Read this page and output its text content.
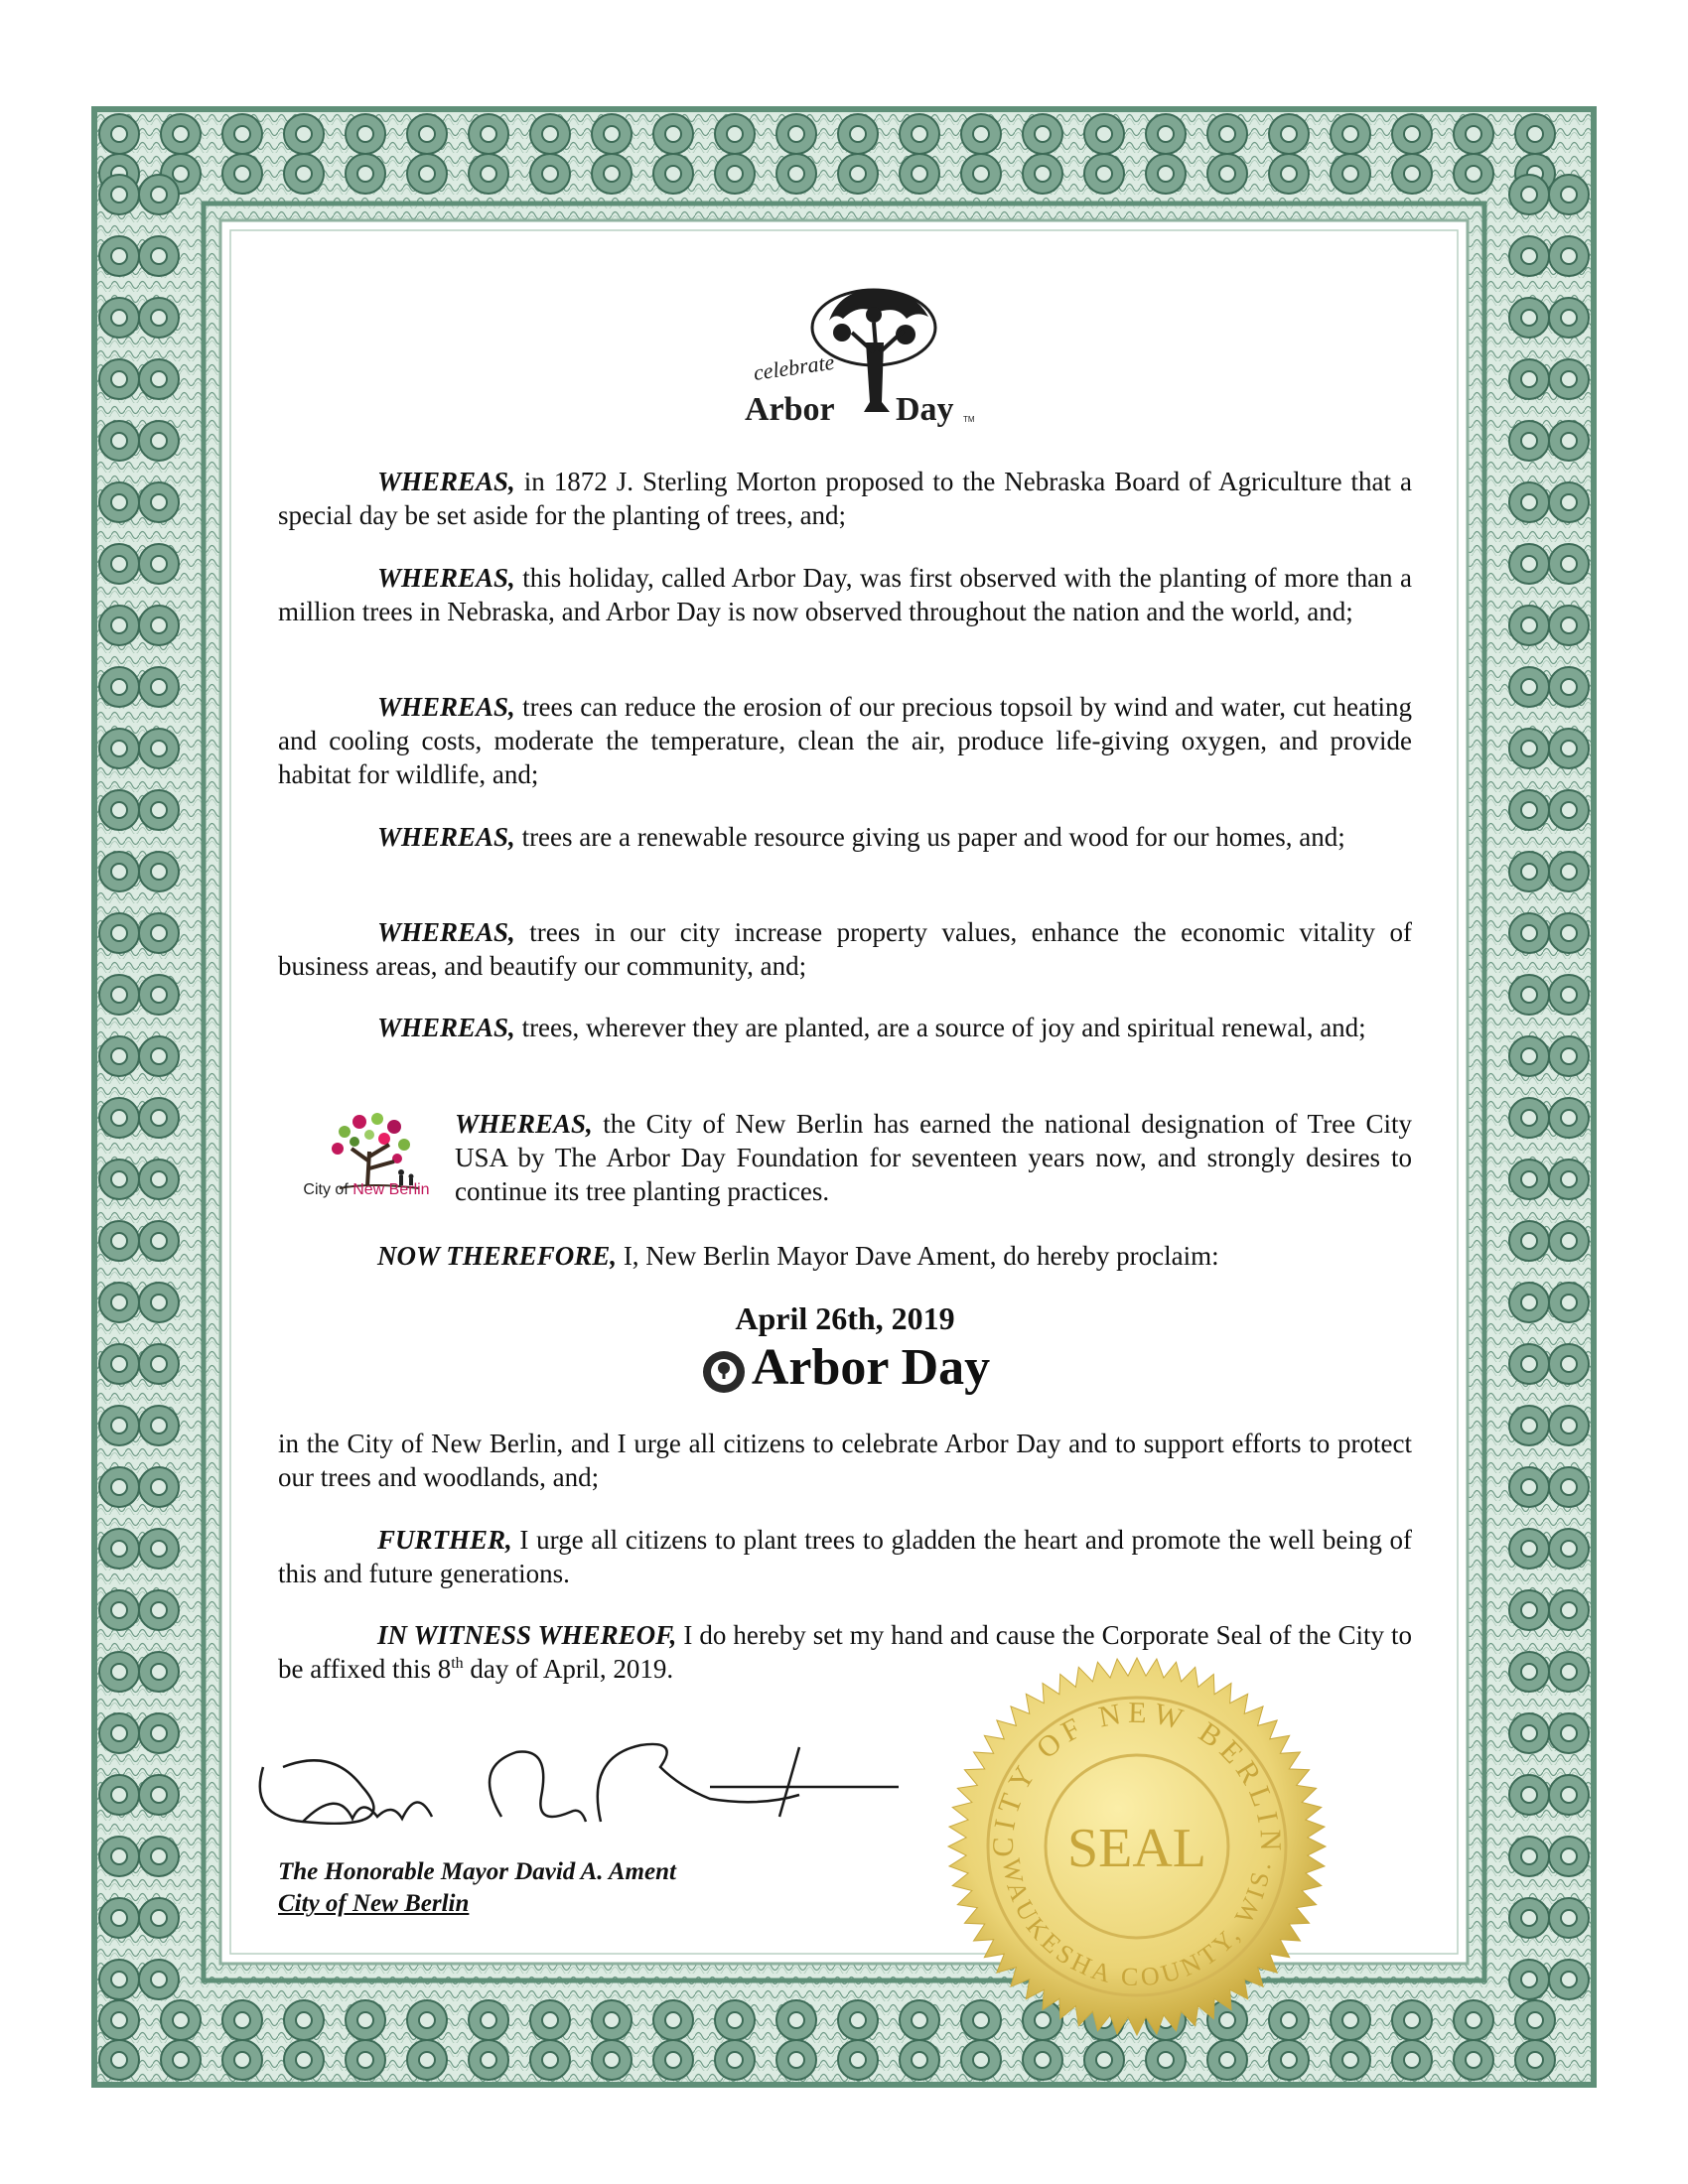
celebrate
Arbor Day TM

WHEREAS, in 1872 J. Sterling Morton proposed to the Nebraska Board of Agriculture that a special day be set aside for the planting of trees, and;

WHEREAS, this holiday, called Arbor Day, was first observed with the planting of more than a million trees in Nebraska, and Arbor Day is now observed throughout the nation and the world, and;

WHEREAS, trees can reduce the erosion of our precious topsoil by wind and water, cut heating and cooling costs, moderate the temperature, clean the air, produce life-giving oxygen, and provide habitat for wildlife, and;

WHEREAS, trees are a renewable resource giving us paper and wood for our homes, and;

WHEREAS, trees in our city increase property values, enhance the economic vitality of business areas, and beautify our community, and;

WHEREAS, trees, wherever they are planted, are a source of joy and spiritual renewal, and;

WHEREAS, the City of New Berlin has earned the national designation of Tree City USA by The Arbor Day Foundation for seventeen years now, and strongly desires to continue its tree planting practices.

NOW THEREFORE, I, New Berlin Mayor Dave Ament, do hereby proclaim:

April 26th, 2019
Arbor Day

in the City of New Berlin, and I urge all citizens to celebrate Arbor Day and to support efforts to protect our trees and woodlands, and;

FURTHER, I urge all citizens to plant trees to gladden the heart and promote the well being of this and future generations.

IN WITNESS WHEREOF, I do hereby set my hand and cause the Corporate Seal of the City to be affixed this 8th day of April, 2019.

City of New Berlin
The Honorable Mayor David A. Ament
City of New Berlin
CITY OF NEW BERLIN
WAUKESHA COUNTY, WIS.
SEAL
